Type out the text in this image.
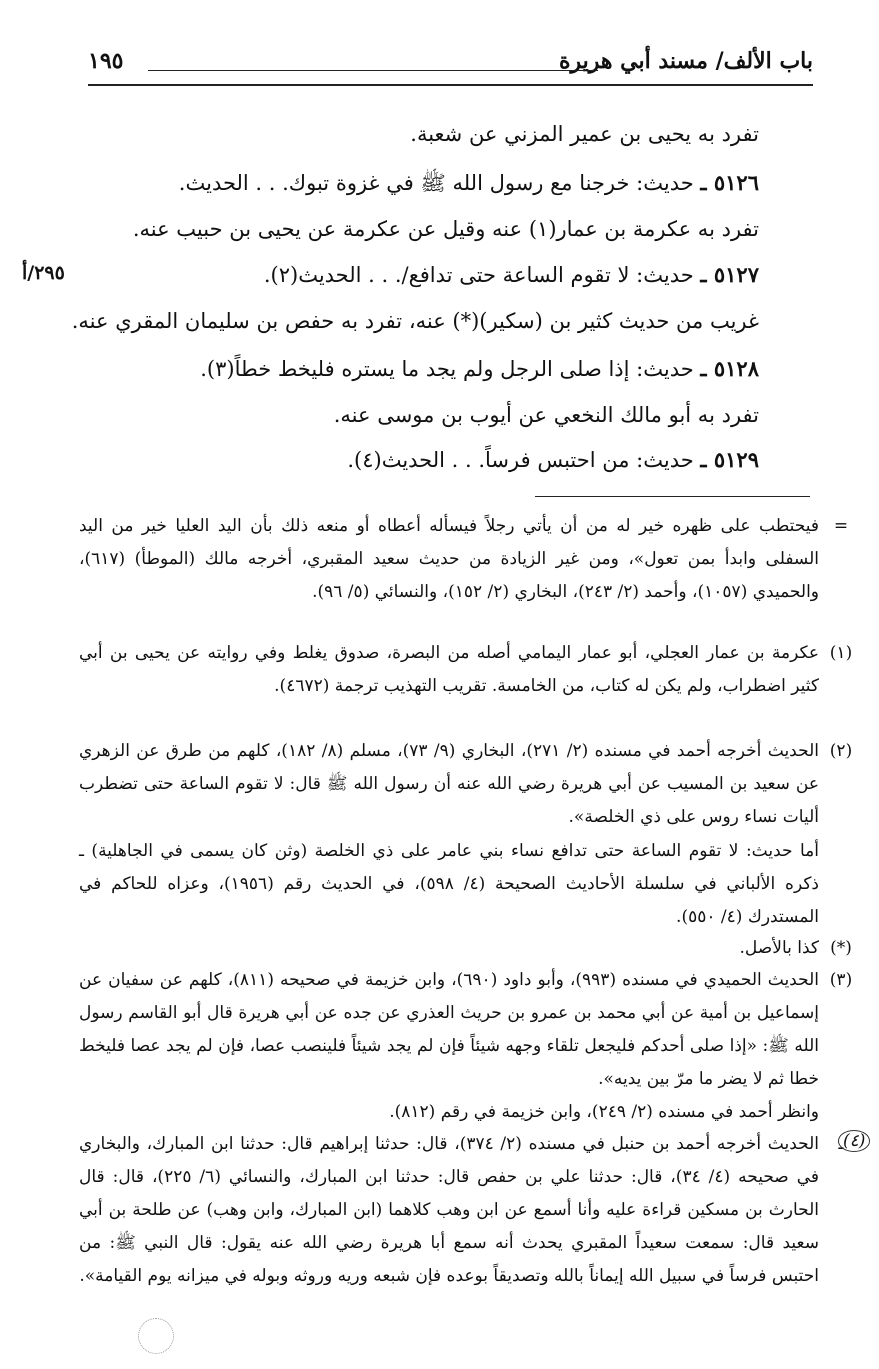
باب الألف/ مسند أبي هريرة
١٩٥
تفرد به يحيى بن عمير المزني عن شعبة.
٥١٢٦ ـ حديث: خرجنا مع رسول الله ﷺ في غزوة تبوك. . . الحديث.
تفرد به عكرمة بن عمار(١) عنه وقيل عن عكرمة عن يحيى بن حبيب عنه.
٥١٢٧ ـ حديث: لا تقوم الساعة حتى تدافع/. . . الحديث(٢).
٢٩٥/أ
غريب من حديث كثير بن (سكير)(*) عنه، تفرد به حفص بن سليمان المقري عنه.
٥١٢٨ ـ حديث: إذا صلى الرجل ولم يجد ما يستره فليخط خطاً(٣).
تفرد به أبو مالك النخعي عن أيوب بن موسى عنه.
٥١٢٩ ـ حديث: من احتبس فرساً. . . الحديث(٤).
=

فيحتطب على ظهره خير له من أن يأتي رجلاً فيسأله أعطاه أو منعه ذلك بأن اليد العليا خير من اليد السفلى وابدأ بمن تعول»، ومن غير الزيادة من حديث سعيد المقبري، أخرجه مالك (الموطأ) (٦١٧)، والحميدي (١٠٥٧)، وأحمد (٢/ ٢٤٣)، البخاري (٢/ ١٥٢)، والنسائي (٥/ ٩٦).

(١)

عكرمة بن عمار العجلي، أبو عمار اليمامي أصله من البصرة، صدوق يغلط وفي روايته عن يحيى بن أبي كثير اضطراب، ولم يكن له كتاب، من الخامسة. تقريب التهذيب ترجمة (٤٦٧٢).

(٢)

الحديث أخرجه أحمد في مسنده (٢/ ٢٧١)، البخاري (٩/ ٧٣)، مسلم (٨/ ١٨٢)، كلهم من طرق عن الزهري عن سعيد بن المسيب عن أبي هريرة رضي الله عنه أن رسول الله ﷺ قال: لا تقوم الساعة حتى تضطرب أليات نساء روس على ذي الخلصة».

أما حديث: لا تقوم الساعة حتى تدافع نساء بني عامر على ذي الخلصة (وثن كان يسمى في الجاهلية) ـ ذكره الألباني في سلسلة الأحاديث الصحيحة (٤/ ٥٩٨)، في الحديث رقم (١٩٥٦)، وعزاه للحاكم في المستدرك (٤/ ٥٥٠).

(*)

كذا بالأصل.

(٣)

الحديث الحميدي في مسنده (٩٩٣)، وأبو داود (٦٩٠)، وابن خزيمة في صحيحه (٨١١)، كلهم عن سفيان عن إسماعيل بن أمية عن أبي محمد بن عمرو بن حريث العذري عن جده عن أبي هريرة قال أبو القاسم رسول الله ﷺ: «إذا صلى أحدكم فليجعل تلقاء وجهه شيئاً فإن لم يجد شيئاً فلينصب عصا، فإن لم يجد عصا فليخط خطا ثم لا يضر ما مرّ بين يديه».

وانظر أحمد في مسنده (٢/ ٢٤٩)، وابن خزيمة في رقم (٨١٢).

ـ

الحديث أخرجه أحمد بن حنبل في مسنده (٢/ ٣٧٤)، قال: حدثنا إبراهيم قال: حدثنا ابن المبارك، والبخاري في صحيحه (٤/ ٣٤)، قال: حدثنا علي بن حفص قال: حدثنا ابن المبارك، والنسائي (٦/ ٢٢٥)، قال: قال الحارث بن مسكين قراءة عليه وأنا أسمع عن ابن وهب كلاهما (ابن المبارك، وابن وهب) عن طلحة بن أبي سعيد قال: سمعت سعيداً المقبري يحدث أنه سمع أبا هريرة رضي الله عنه يقول: قال النبي ﷺ: من احتبس فرساً في سبيل الله إيماناً بالله وتصديقاً بوعده فإن شبعه وريه وروثه وبوله في ميزانه يوم القيامة».

(٤)
